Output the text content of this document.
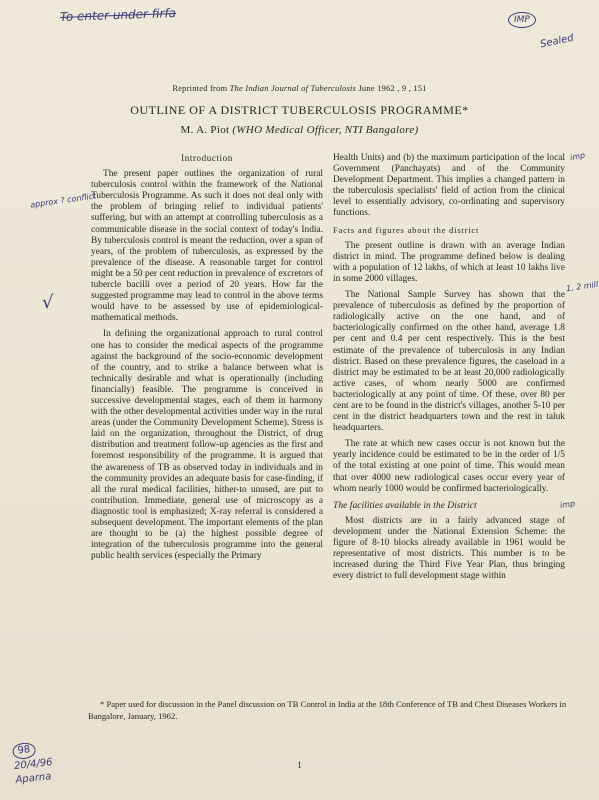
To enter under firfa	IMP
Sealed
approx ? conflict
√
imp
1, 2 mill
imp
Reprinted from The Indian Journal of Tuberculosis June 1962 , 9 , 151
OUTLINE OF A DISTRICT TUBERCULOSIS PROGRAMME*
M. A. Piot (WHO Medical Officer, NTI Bangalore)

Introduction

The present paper outlines the organization of rural tuberculosis control within the framework of the National Tuberculosis Programme. As such it does not deal only with the problem of bringing relief to individual patients' suffering, but with an attempt at controlling tuberculosis as a communicable disease in the social context of today's India. By tuberculosis control is meant the reduction, over a span of years, of the problem of tuberculosis, as expressed by the prevalence of the disease. A reasonable target for control might be a 50 per cent reduction in prevalence of excretors of tubercle bacilli over a period of 20 years. How far the suggested programme may lead to control in the above terms would have to be assessed by use of epidemiological-mathematical methods.

In defining the organizational approach to rural control one has to consider the medical aspects of the programme against the background of the socio-economic development of the country, and to strike a balance between what is technically desirable and what is operationally (including financially) feasible. The programme is conceived in successive developmental stages, each of them in harmony with the other developmental activities under way in the rural areas (under the Community Development Scheme). Stress is laid on the organization, throughout the District, of drug distribution and treatment follow-up agencies as the first and foremost responsibility of the programme. It is argued that the awareness of TB as observed today in individuals and in the community provides an adequate basis for case-finding, if all the rural medical facilities, hither-to unused, are put to contribution. Immediate, general use of microscopy as a diagnostic tool is emphasized; X-ray referral is considered a subsequent development. The important elements of the plan are thought to be (a) the highest possible degree of integration of the tuberculosis programme into the general public health services (especially the Primary

Health Units) and (b) the maximum participation of the local Government (Panchayats) and of the Community Development Department. This implies a changed pattern in the tuberculosis specialists' field of action from the clinical level to essentially advisory, co-ordinating and supervisory functions.

Facts and figures about the district

The present outline is drawn with an average Indian district in mind. The programme defined below is dealing with a population of 12 lakhs, of which at least 10 lakhs live in some 2000 villages.

The National Sample Survey has shown that the prevalence of tuberculosis as defined by the proportion of radiologically active on the one hand, and of bacteriologically confirmed on the other hand, average 1.8 per cent and 0.4 per cent respectively. This is the best estimate of the prevalence of tuberculosis in any Indian district. Based on these prevalence figures, the caseload in a district may be estimated to be at least 20,000 radiologically active cases, of whom nearly 5000 are confirmed bacteriologically at any point of time. Of these, over 80 per cent are to be found in the district's villages, another 5-10 per cent in the district headquarters town and the rest in taluk headquarters.

The rate at which new cases occur is not known but the yearly incidence could be estimated to be in the order of 1/5 of the total existing at one point of time. This would mean that over 4000 new radiological cases occur every year of whom nearly 1000 would be confirmed bacteriologically.

The facilities available in the District

Most districts are in a fairly advanced stage of development under the National Extension Scheme: the figure of 8-10 blocks already available in 1961 would be representative of most districts. This number is to be increased during the Third Five Year Plan, thus bringing every district to full development stage within

* Paper used for discussion in the Panel discussion on TB Control in India at the 18th Conference of TB and Chest Diseases Workers in Bangalore, January, 1962.
1
98
20/4/96
Aparna
